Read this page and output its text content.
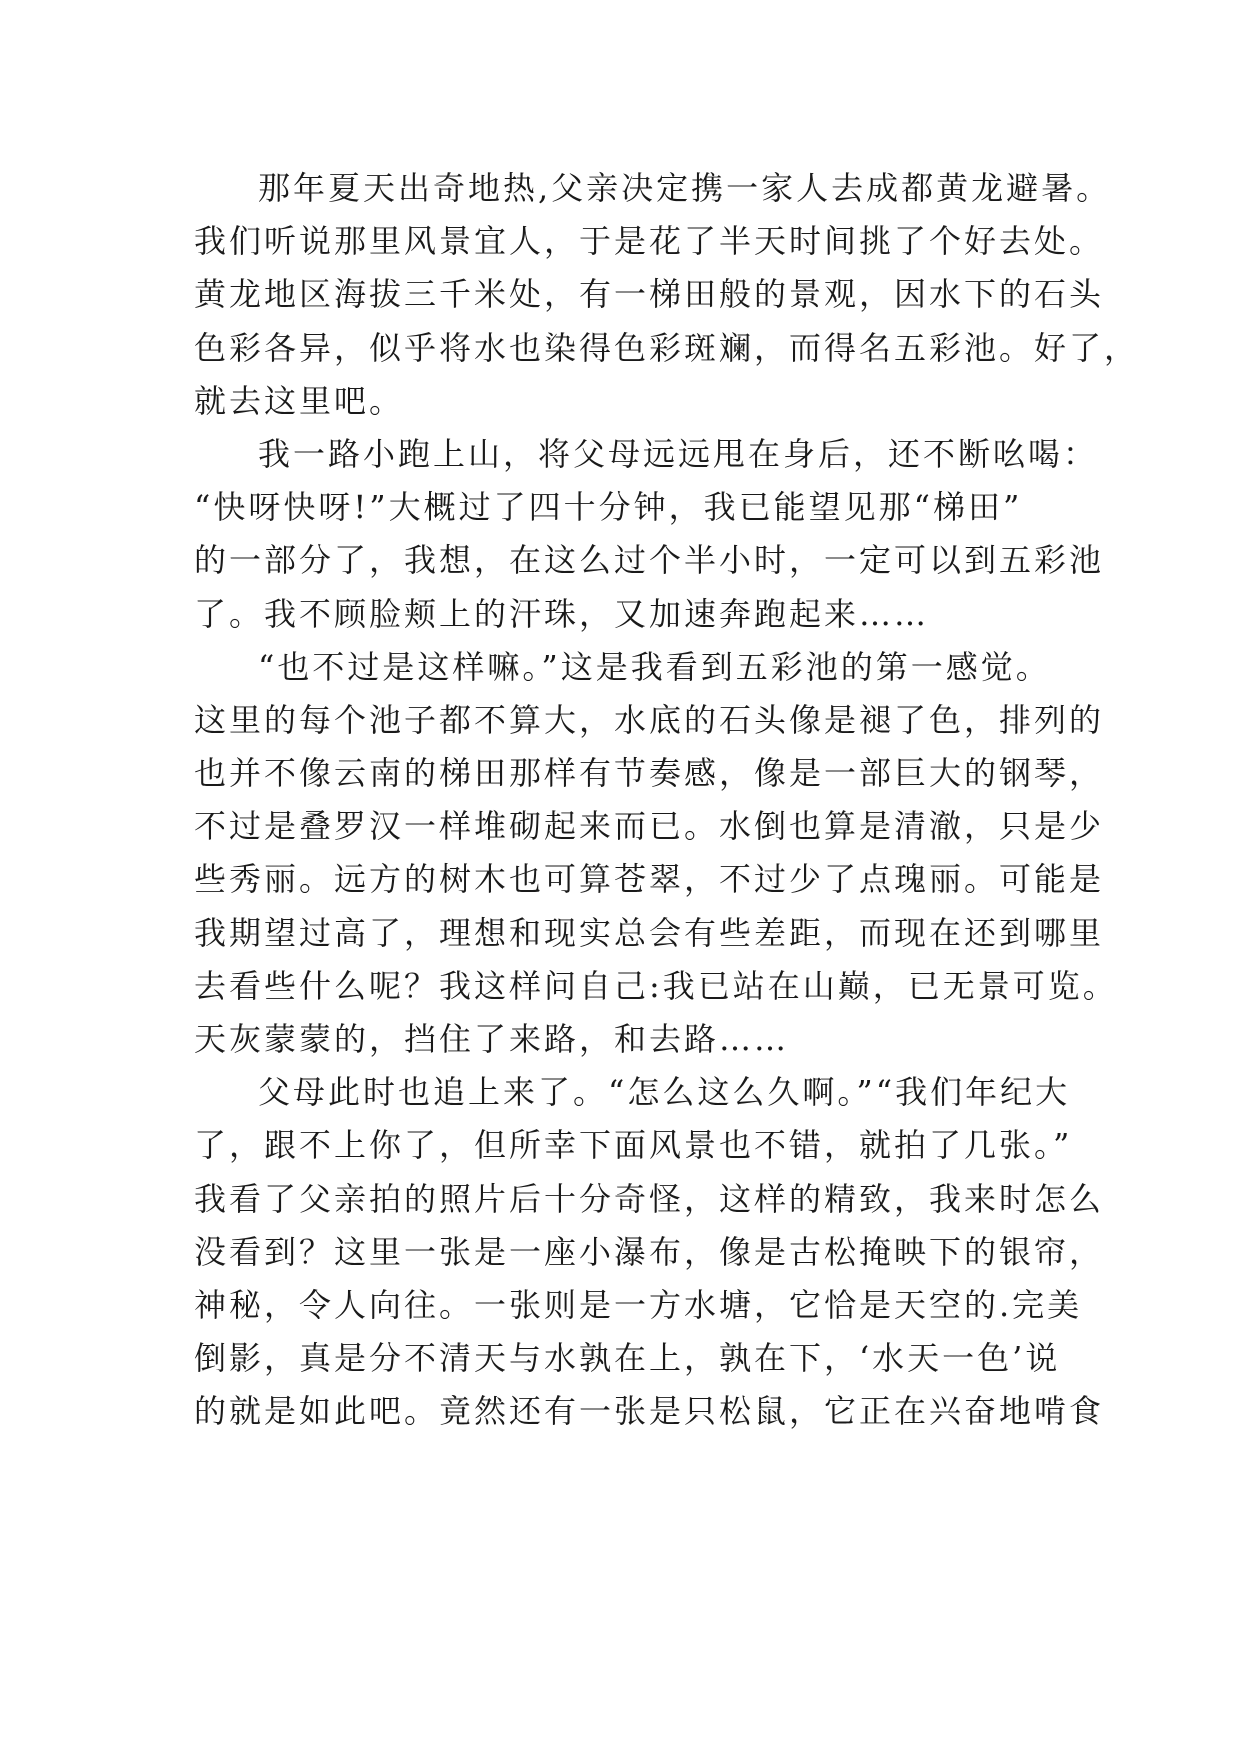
那年夏天出奇地热,父亲决定携一家人去成都黄龙避暑。
我们听说那里风景宜人，于是花了半天时间挑了个好去处。
黄龙地区海拔三千米处，有一梯田般的景观，因水下的石头
色彩各异，似乎将水也染得色彩斑斓，而得名五彩池。好了，
就去这里吧。
我一路小跑上山，将父母远远甩在身后，还不断吆喝：
“快呀快呀!”大概过了四十分钟，我已能望见那“梯田”
的一部分了，我想，在这么过个半小时，一定可以到五彩池
了。我不顾脸颊上的汗珠，又加速奔跑起来……
“也不过是这样嘛。”这是我看到五彩池的第一感觉。
这里的每个池子都不算大，水底的石头像是褪了色，排列的
也并不像云南的梯田那样有节奏感，像是一部巨大的钢琴，
不过是叠罗汉一样堆砌起来而已。水倒也算是清澈，只是少
些秀丽。远方的树木也可算苍翠，不过少了点瑰丽。可能是
我期望过高了，理想和现实总会有些差距，而现在还到哪里
去看些什么呢？我这样问自己:我已站在山巅，已无景可览。
天灰蒙蒙的，挡住了来路，和去路……
父母此时也追上来了。“怎么这么久啊。”“我们年纪大
了，跟不上你了，但所幸下面风景也不错，就拍了几张。”
我看了父亲拍的照片后十分奇怪，这样的精致，我来时怎么
没看到？这里一张是一座小瀑布，像是古松掩映下的银帘，
神秘，令人向往。一张则是一方水塘，它恰是天空的.完美
倒影，真是分不清天与水孰在上，孰在下，‘水天一色’说
的就是如此吧。竟然还有一张是只松鼠，它正在兴奋地啃食
